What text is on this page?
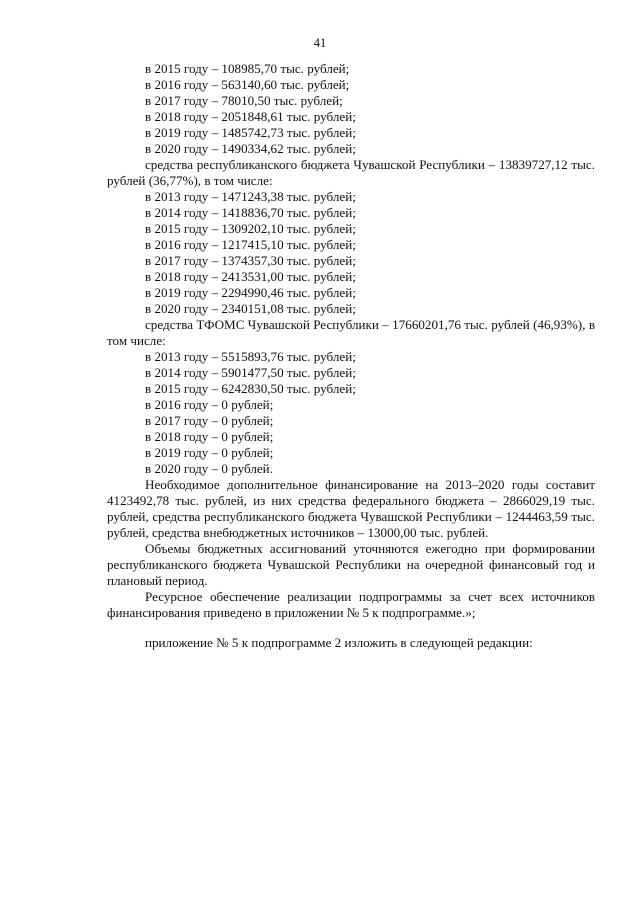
41
в 2015 году – 108985,70 тыс. рублей;
в 2016 году – 563140,60 тыс. рублей;
в 2017 году – 78010,50 тыс. рублей;
в 2018 году – 2051848,61 тыс. рублей;
в 2019 году – 1485742,73 тыс. рублей;
в 2020 году – 1490334,62 тыс. рублей;
средства республиканского бюджета Чувашской Республики – 13839727,12 тыс. рублей (36,77%), в том числе:
в 2013 году – 1471243,38 тыс. рублей;
в 2014 году – 1418836,70 тыс. рублей;
в 2015 году – 1309202,10 тыс. рублей;
в 2016 году – 1217415,10 тыс. рублей;
в 2017 году – 1374357,30 тыс. рублей;
в 2018 году – 2413531,00 тыс. рублей;
в 2019 году – 2294990,46 тыс. рублей;
в 2020 году – 2340151,08 тыс. рублей;
средства ТФОМС Чувашской Республики – 17660201,76 тыс. рублей (46,93%), в том числе:
в 2013 году – 5515893,76 тыс. рублей;
в 2014 году – 5901477,50 тыс. рублей;
в 2015 году – 6242830,50 тыс. рублей;
в 2016 году – 0 рублей;
в 2017 году – 0 рублей;
в 2018 году – 0 рублей;
в 2019 году – 0 рублей;
в 2020 году – 0 рублей.
Необходимое дополнительное финансирование на 2013–2020 годы составит 4123492,78 тыс. рублей, из них средства федерального бюджета – 2866029,19 тыс. рублей, средства республиканского бюджета Чувашской Республики – 1244463,59 тыс. рублей, средства внебюджетных источников – 13000,00 тыс. рублей.
Объемы бюджетных ассигнований уточняются ежегодно при формировании республиканского бюджета Чувашской Республики на очередной финансовый год и плановый период.
Ресурсное обеспечение реализации подпрограммы за счет всех источников финансирования приведено в приложении № 5 к подпрограмме.»;
приложение № 5 к подпрограмме 2 изложить в следующей редакции:
